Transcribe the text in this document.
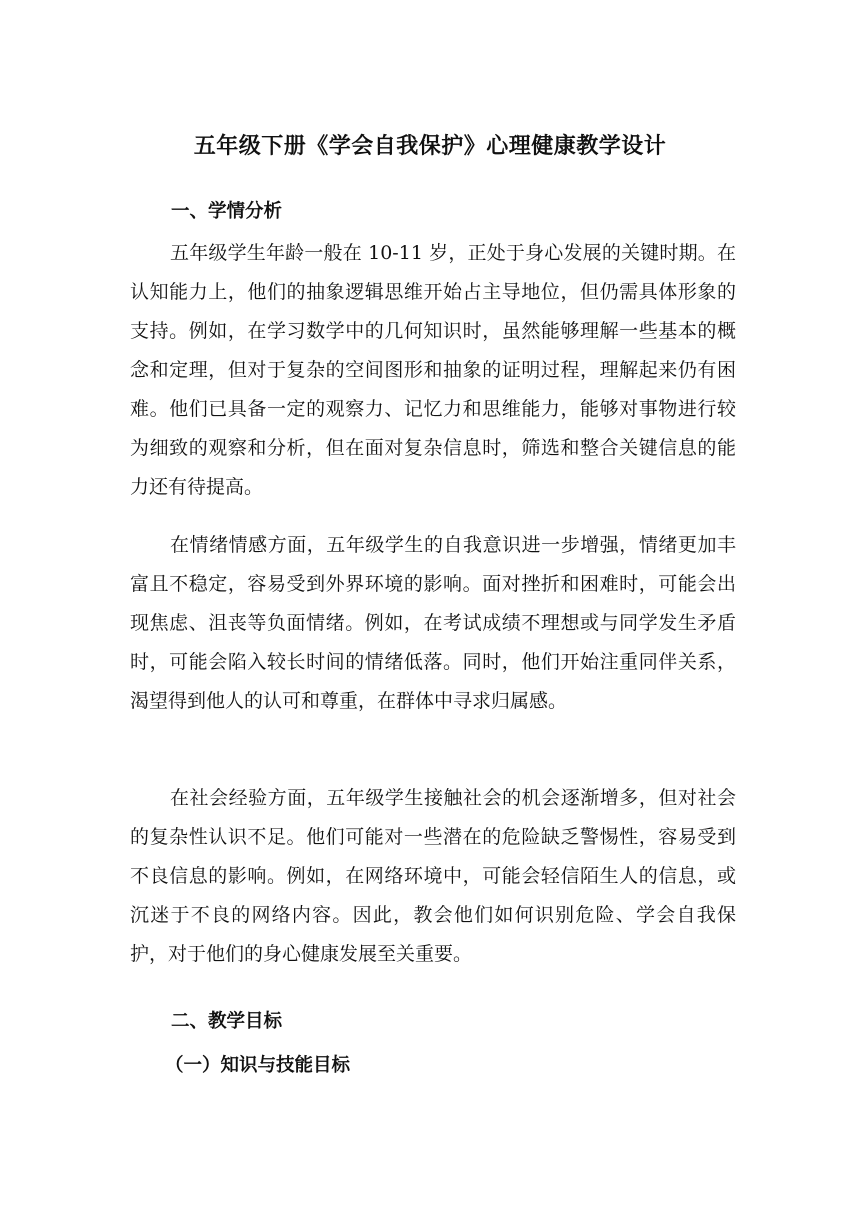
五年级下册《学会自我保护》心理健康教学设计
一、学情分析

五年级学生年龄一般在 10-11 岁，正处于身心发展的关键时期。在认知能力上，他们的抽象逻辑思维开始占主导地位，但仍需具体形象的支持。例如，在学习数学中的几何知识时，虽然能够理解一些基本的概念和定理，但对于复杂的空间图形和抽象的证明过程，理解起来仍有困难。他们已具备一定的观察力、记忆力和思维能力，能够对事物进行较为细致的观察和分析，但在面对复杂信息时，筛选和整合关键信息的能力还有待提高。

在情绪情感方面，五年级学生的自我意识进一步增强，情绪更加丰富且不稳定，容易受到外界环境的影响。面对挫折和困难时，可能会出现焦虑、沮丧等负面情绪。例如，在考试成绩不理想或与同学发生矛盾时，可能会陷入较长时间的情绪低落。同时，他们开始注重同伴关系，渴望得到他人的认可和尊重，在群体中寻求归属感。

在社会经验方面，五年级学生接触社会的机会逐渐增多，但对社会的复杂性认识不足。他们可能对一些潜在的危险缺乏警惕性，容易受到不良信息的影响。例如，在网络环境中，可能会轻信陌生人的信息，或沉迷于不良的网络内容。因此，教会他们如何识别危险、学会自我保护，对于他们的身心健康发展至关重要。

二、教学目标
（一）知识与技能目标
